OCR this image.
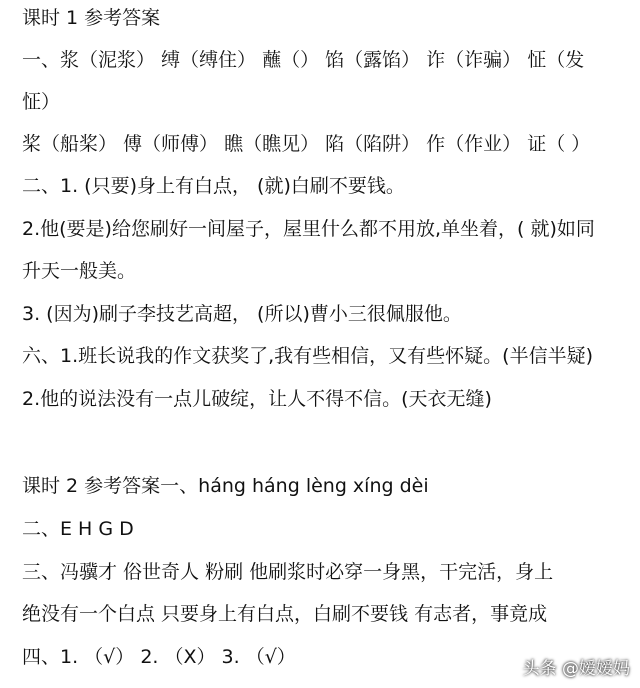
课时 1 参考答案
一、浆（泥浆） 缚（缚住） 蘸（） 馅（露馅） 诈（诈骗） 怔（发
怔）
桨（船桨） 傅（师傅） 瞧（瞧见） 陷（陷阱） 作（作业） 证（ ）
二、1. (只要)身上有白点， (就)白刷不要钱。
2.他(要是)给您刷好一间屋子，屋里什么都不用放,单坐着，( 就)如同
升天一般美。
3. (因为)刷子李技艺高超， (所以)曹小三很佩服他。
六、1.班长说我的作文获奖了,我有些相信，又有些怀疑。(半信半疑)
2.他的说法没有一点儿破绽，让人不得不信。(天衣无缝)
课时 2 参考答案一、háng háng lèng xíng dèi
二、E H G D
三、冯骥才 俗世奇人 粉刷 他刷浆时必穿一身黑，干完活，身上
绝没有一个白点 只要身上有白点，白刷不要钱 有志者，事竟成
四、1. （√） 2. （X） 3. （√）
头条 @嫒嫒妈
